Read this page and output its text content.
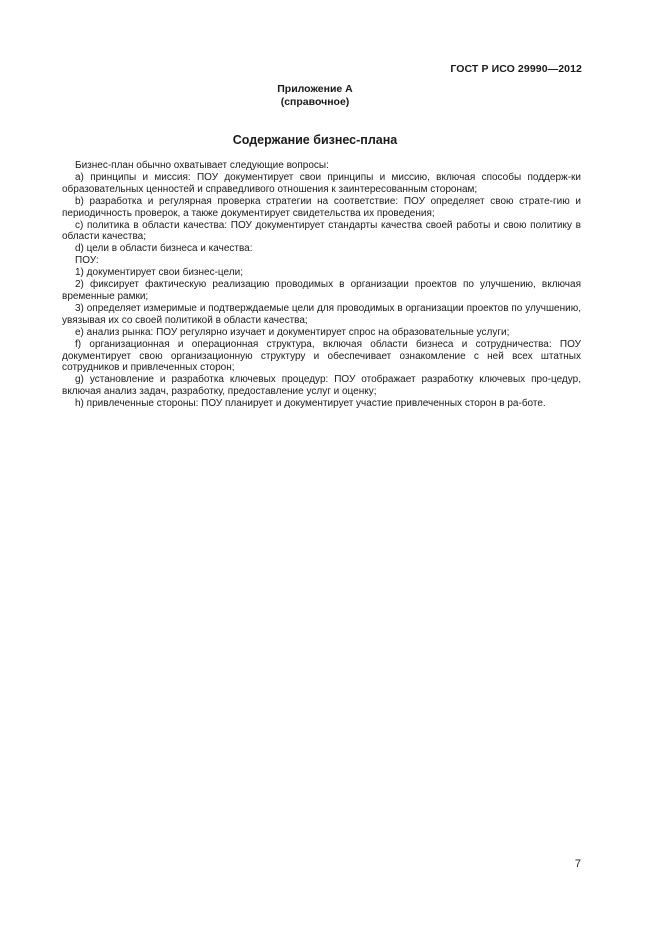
ГОСТ Р ИСО 29990—2012
Приложение А
(справочное)
Содержание бизнес-плана

Бизнес-план обычно охватывает следующие вопросы:

a) принципы и миссия: ПОУ документирует свои принципы и миссию, включая способы поддерж-ки образовательных ценностей и справедливого отношения к заинтересованным сторонам;

b) разработка и регулярная проверка стратегии на соответствие: ПОУ определяет свою страте-гию и периодичность проверок, а также документирует свидетельства их проведения;

c) политика в области качества: ПОУ документирует стандарты качества своей работы и свою политику в области качества;

d) цели в области бизнеса и качества:

ПОУ:

1) документирует свои бизнес-цели;

2) фиксирует фактическую реализацию проводимых в организации проектов по улучшению, включая временные рамки;

3) определяет измеримые и подтверждаемые цели для проводимых в организации проектов по улучшению, увязывая их со своей политикой в области качества;

e) анализ рынка: ПОУ регулярно изучает и документирует спрос на образовательные услуги;

f) организационная и операционная структура, включая области бизнеса и сотрудничества: ПОУ документирует свою организационную структуру и обеспечивает ознакомление с ней всех штатных сотрудников и привлеченных сторон;

g) установление и разработка ключевых процедур: ПОУ отображает разработку ключевых про-цедур, включая анализ задач, разработку, предоставление услуг и оценку;

h) привлеченные стороны: ПОУ планирует и документирует участие привлеченных сторон в ра-боте.

7
